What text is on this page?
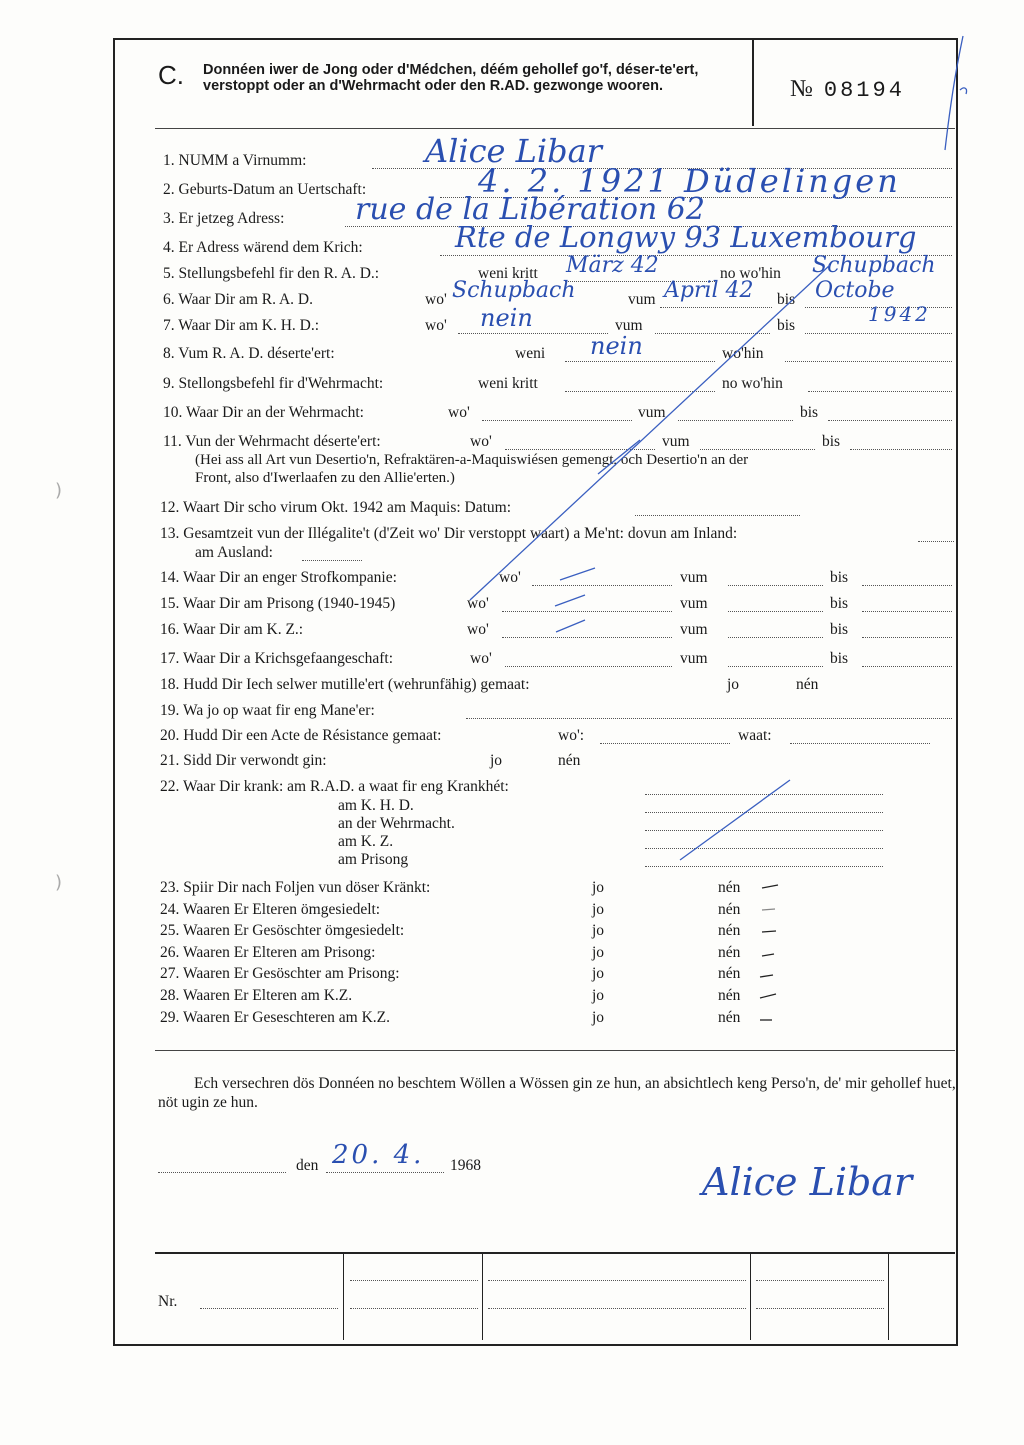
C. Donnéen iwer de Jong oder d'Médchen, déém gehollef go'f, déser-te'ert, verstoppt oder an d'Wehrmacht oder den R.AD. gezwonge wooren.	№ 08194
1. NUMM a Virnumm:	Alice Libar
2. Geburts-Datum an Uertschaft:	4. 2. 1921 Düdelingen
3. Er jetzeg Adress: rue de la Libération 62
4. Er Adress wärend dem Krich:	Rte de Longwy 93 Luxembourg
5. Stellungsbefehl fir den R. A. D.:	weni kritt März 42	no wo'hin Schupbach
6. Waar Dir am R. A. D.	wo' Schupbach	vum April 42 bis Octobe
7. Waar Dir am K. H. D.:	wo' nein	vum	bis	1942
8. Vum R. A. D. déserte'ert:	weni nein	wo'hin
9. Stellongsbefehl fir d'Wehrmacht:	weni kritt	no wo'hin
10. Waar Dir an der Wehrmacht:	wo'	vum	bis
11. Vun der Wehrmacht déserte'ert:	wo'	vum	bis
(Hei ass all Art vun Desertio'n, Refraktären-a-Maquiswiésen gemengt, och Desertio'n an der
Front, also d'Iwerlaafen zu den Allie'erten.)
12. Waart Dir scho virum Okt. 1942 am Maquis: Datum:
13. Gesamtzeit vun der Illégalite't (d'Zeit wo' Dir verstoppt waart) a Me'nt: dovun am Inland:
am Ausland:
14. Waar Dir an enger Strofkompanie:	wo'	vum	bis
15. Waar Dir am Prisong (1940-1945)	wo'	vum	bis
16. Waar Dir am K. Z.:	wo'	vum	bis
17. Waar Dir a Krichsgefaangeschaft:	wo'	vum	bis
18. Hudd Dir Iech selwer mutille'ert (wehrunfähig) gemaat:	jo	nén
19. Wa jo op waat fir eng Mane'er:
20. Hudd Dir een Acte de Résistance gemaat:	wo':	waat:
21. Sidd Dir verwondt gin:	jo	nén
22. Waar Dir krank: am R.A.D. a waat fir eng Krankhét:
am K. H. D.
an der Wehrmacht.
am K. Z.
am Prisong
23. Spiir Dir nach Foljen vun döser Kränkt:	jo	nén
24. Waaren Er Elteren ömgesiedelt:	jo	nén
25. Waaren Er Gesöschter ömgesiedelt:	jo	nén
26. Waaren Er Elteren am Prisong:	jo	nén
27. Waaren Er Gesöschter am Prisong:	jo	nén
28. Waaren Er Elteren am K.Z.	jo	nén
29. Waaren Er Geseschteren am K.Z.	jo	nén
Ech versechren dös Donnéen no beschtem Wöllen a Wössen gin ze hun, an absichtlech keng Perso'n, de' mir gehollef huet, nöt ugin ze hun.
den 20. 4. 1968	Alice Libar
Nr.
)
)
